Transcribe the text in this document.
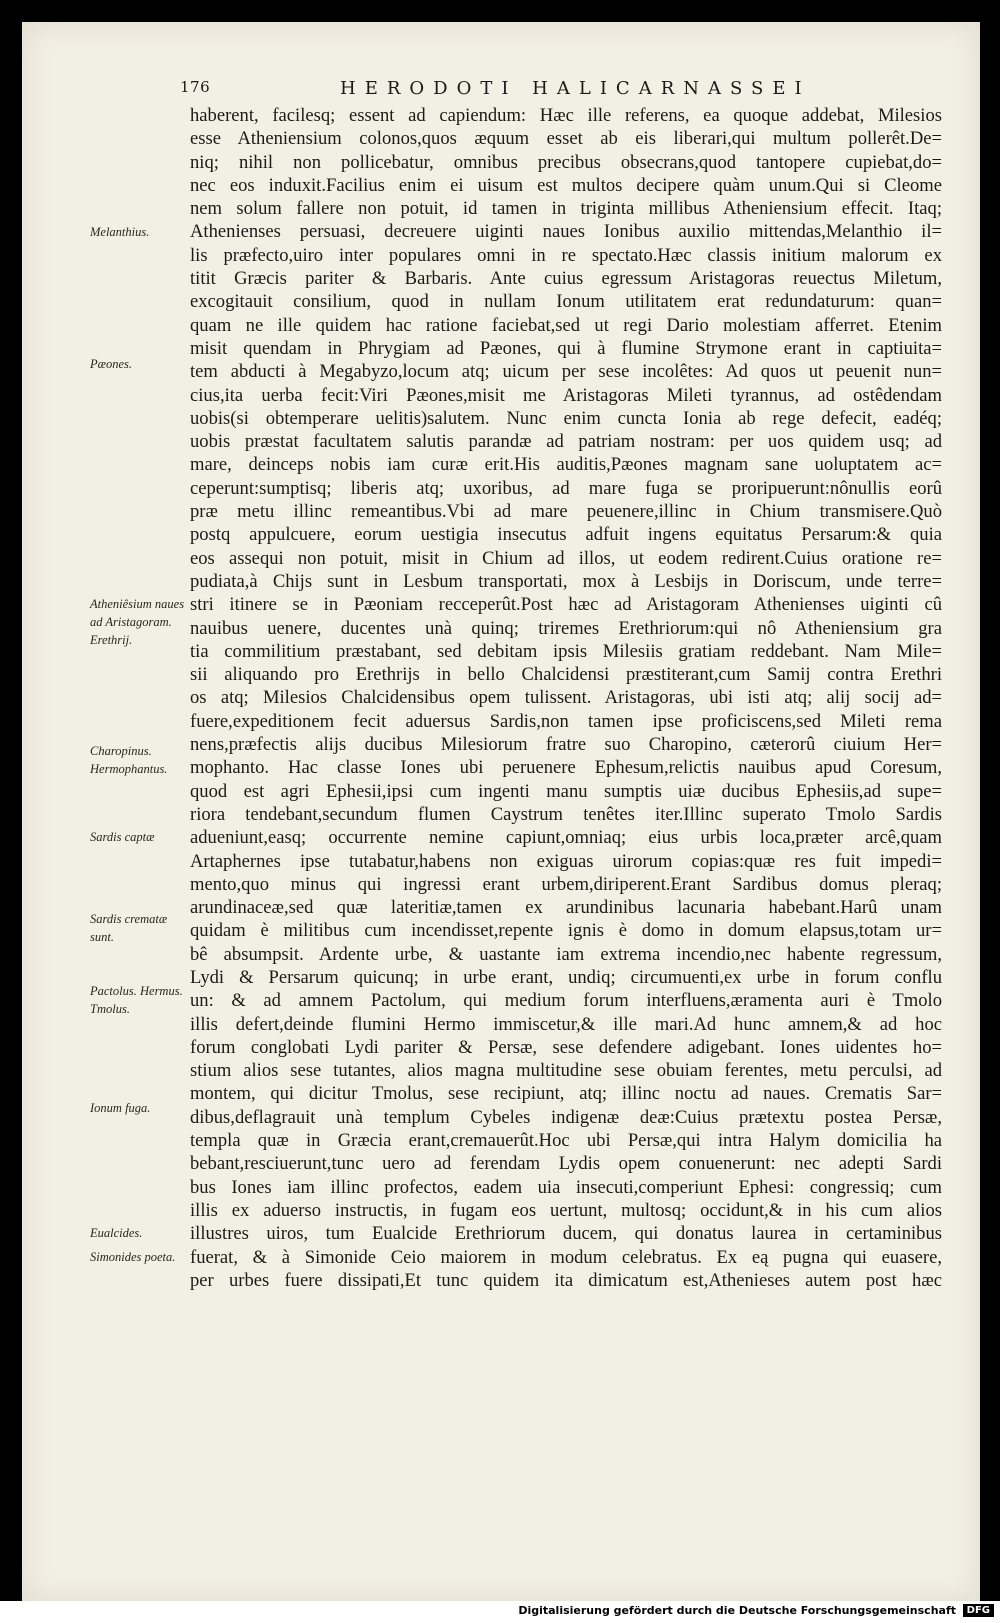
176	HERODOTI HALICARNASSEI
haberent, facilesq; essent ad capiendum: Hæc ille referens, ea quoque addebat, Milesios
esse Atheniensium colonos,quos æquum esset ab eis liberari,qui multum pollerêt.De=
niq; nihil non pollicebatur, omnibus precibus obsecrans,quod tantopere cupiebat,do=
nec eos induxit.Facilius enim ei uisum est multos decipere quàm unum.Qui si Cleome
nem solum fallere non potuit, id tamen in triginta millibus Atheniensium effecit. Itaq;
Athenienses persuasi, decreuere uiginti naues Ionibus auxilio mittendas,Melanthio il=
lis præfecto,uiro inter populares omni in re spectato.Hæc classis initium malorum ex
titit Græcis pariter & Barbaris. Ante cuius egressum Aristagoras reuectus Miletum,
excogitauit consilium, quod in nullam Ionum utilitatem erat redundaturum: quan=
quam ne ille quidem hac ratione faciebat,sed ut regi Dario molestiam afferret. Etenim
misit quendam in Phrygiam ad Pæones, qui à flumine Strymone erant in captiuita=
tem abducti à Megabyzo,locum atq; uicum per sese incolêtes: Ad quos ut peuenit nun=
cius,ita uerba fecit:Viri Pæones,misit me Aristagoras Mileti tyrannus, ad ostêdendam
uobis(si obtemperare uelitis)salutem. Nunc enim cuncta Ionia ab rege defecit, eadéq;
uobis præstat facultatem salutis parandæ ad patriam nostram: per uos quidem usq; ad
mare, deinceps nobis iam curæ erit.His auditis,Pæones magnam sane uoluptatem ac=
ceperunt:sumptisq; liberis atq; uxoribus, ad mare fuga se proripuerunt:nônullis eorû
præ metu illinc remeantibus.Vbi ad mare peuenere,illinc in Chium transmisere.Quò
postq appulcuere, eorum uestigia insecutus adfuit ingens equitatus Persarum:& quia
eos assequi non potuit, misit in Chium ad illos, ut eodem redirent.Cuius oratione re=
pudiata,à Chijs sunt in Lesbum transportati, mox à Lesbijs in Doriscum, unde terre=
stri itinere se in Pæoniam recceperût.Post hæc ad Aristagoram Athenienses uiginti cû
nauibus uenere, ducentes unà quinq; triremes Erethriorum:qui nô Atheniensium gra
tia commilitium præstabant, sed debitam ipsis Milesiis gratiam reddebant. Nam Mile=
sii aliquando pro Erethrijs in bello Chalcidensi præstiterant,cum Samij contra Erethri
os atq; Milesios Chalcidensibus opem tulissent. Aristagoras, ubi isti atq; alij socij ad=
fuere,expeditionem fecit aduersus Sardis,non tamen ipse proficiscens,sed Mileti rema
nens,præfectis alijs ducibus Milesiorum fratre suo Charopino, cæterorû ciuium Her=
mophanto. Hac classe Iones ubi peruenere Ephesum,relictis nauibus apud Coresum,
quod est agri Ephesii,ipsi cum ingenti manu sumptis uiæ ducibus Ephesiis,ad supe=
riora tendebant,secundum flumen Caystrum tenêtes iter.Illinc superato Tmolo Sardis
adueniunt,easq; occurrente nemine capiunt,omniaq; eius urbis loca,præter arcê,quam
Artaphernes ipse tutabatur,habens non exiguas uirorum copias:quæ res fuit impedi=
mento,quo minus qui ingressi erant urbem,diriperent.Erant Sardibus domus pleraq;
arundinaceæ,sed quæ lateritiæ,tamen ex arundinibus lacunaria habebant.Harû unam
quidam è militibus cum incendisset,repente ignis è domo in domum elapsus,totam ur=
bê absumpsit. Ardente urbe, & uastante iam extrema incendio,nec habente regressum,
Lydi & Persarum quicunq; in urbe erant, undiq; circumuenti,ex urbe in forum conflu
un: & ad amnem Pactolum, qui medium forum interfluens,æramenta auri è Tmolo
illis defert,deinde flumini Hermo immiscetur,& ille mari.Ad hunc amnem,& ad hoc
forum conglobati Lydi pariter & Persæ, sese defendere adigebant. Iones uidentes ho=
stium alios sese tutantes, alios magna multitudine sese obuiam ferentes, metu perculsi, ad
montem, qui dicitur Tmolus, sese recipiunt, atq; illinc noctu ad naues. Crematis Sar=
dibus,deflagrauit unà templum Cybeles indigenæ deæ:Cuius prætextu postea Persæ,
templa quæ in Græcia erant,cremauerût.Hoc ubi Persæ,qui intra Halym domicilia ha
bebant,resciuerunt,tunc uero ad ferendam Lydis opem conuenerunt: nec adepti Sardi
bus Iones iam illinc profectos, eadem uia insecuti,comperiunt Ephesi: congressiq; cum
illis ex aduerso instructis, in fugam eos uertunt, multosq; occidunt,& in his cum alios
illustres uiros, tum Eualcide Erethriorum ducem, qui donatus laurea in certaminibus
fuerat, & à Simonide Ceio maiorem in modum celebratus. Ex eą pugna qui euasere,
per urbes fuere dissipati,Et tunc quidem ita dimicatum est,Athenieses autem post hæc
Melanthius.
Pæones.
Atheniêsium naues ad Aristagoram. Erethrij.
Charopinus. Hermophantus.
Sardis captæ
Sardis crematæ sunt.
Pactolus. Hermus. Tmolus.
Ionum fuga.
Eualcides.
Simonides poeta.
Digitalisierung gefördert durch die Deutsche Forschungsgemeinschaft	DFG
